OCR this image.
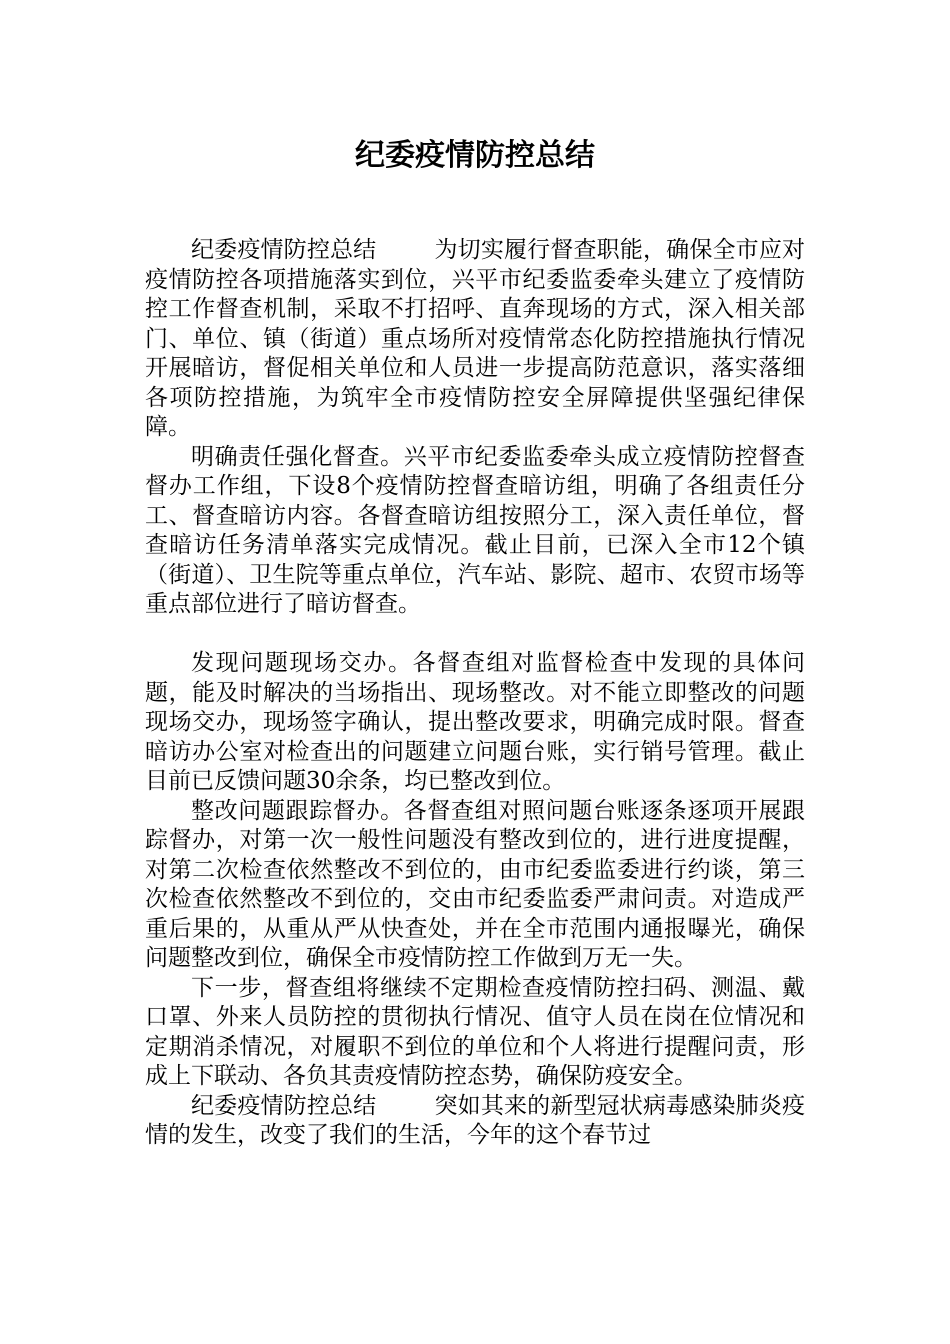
纪委疫情防控总结

纪委疫情防控总结	为切实履行督查职能，确保全市应对疫情防控各项措施落实到位，兴平市纪委监委牵头建立了疫情防控工作督查机制，采取不打招呼、直奔现场的方式，深入相关部门、单位、镇（街道）重点场所对疫情常态化防控措施执行情况开展暗访，督促相关单位和人员进一步提高防范意识，落实落细各项防控措施，为筑牢全市疫情防控安全屏障提供坚强纪律保障。

明确责任强化督查。兴平市纪委监委牵头成立疫情防控督查督办工作组，下设8个疫情防控督查暗访组，明确了各组责任分工、督查暗访内容。各督查暗访组按照分工，深入责任单位，督查暗访任务清单落实完成情况。截止目前，已深入全市12个镇（街道）、卫生院等重点单位，汽车站、影院、超市、农贸市场等重点部位进行了暗访督查。

发现问题现场交办。各督查组对监督检查中发现的具体问题，能及时解决的当场指出、现场整改。对不能立即整改的问题现场交办，现场签字确认，提出整改要求，明确完成时限。督查暗访办公室对检查出的问题建立问题台账，实行销号管理。截止目前已反馈问题30余条，均已整改到位。

整改问题跟踪督办。各督查组对照问题台账逐条逐项开展跟踪督办，对第一次一般性问题没有整改到位的，进行进度提醒，对第二次检查依然整改不到位的，由市纪委监委进行约谈，第三次检查依然整改不到位的，交由市纪委监委严肃问责。对造成严重后果的，从重从严从快查处，并在全市范围内通报曝光，确保问题整改到位，确保全市疫情防控工作做到万无一失。

下一步，督查组将继续不定期检查疫情防控扫码、测温、戴口罩、外来人员防控的贯彻执行情况、值守人员在岗在位情况和定期消杀情况，对履职不到位的单位和个人将进行提醒问责，形成上下联动、各负其责疫情防控态势，确保防疫安全。

纪委疫情防控总结	突如其来的新型冠状病毒感染肺炎疫情的发生，改变了我们的生活，今年的这个春节过
